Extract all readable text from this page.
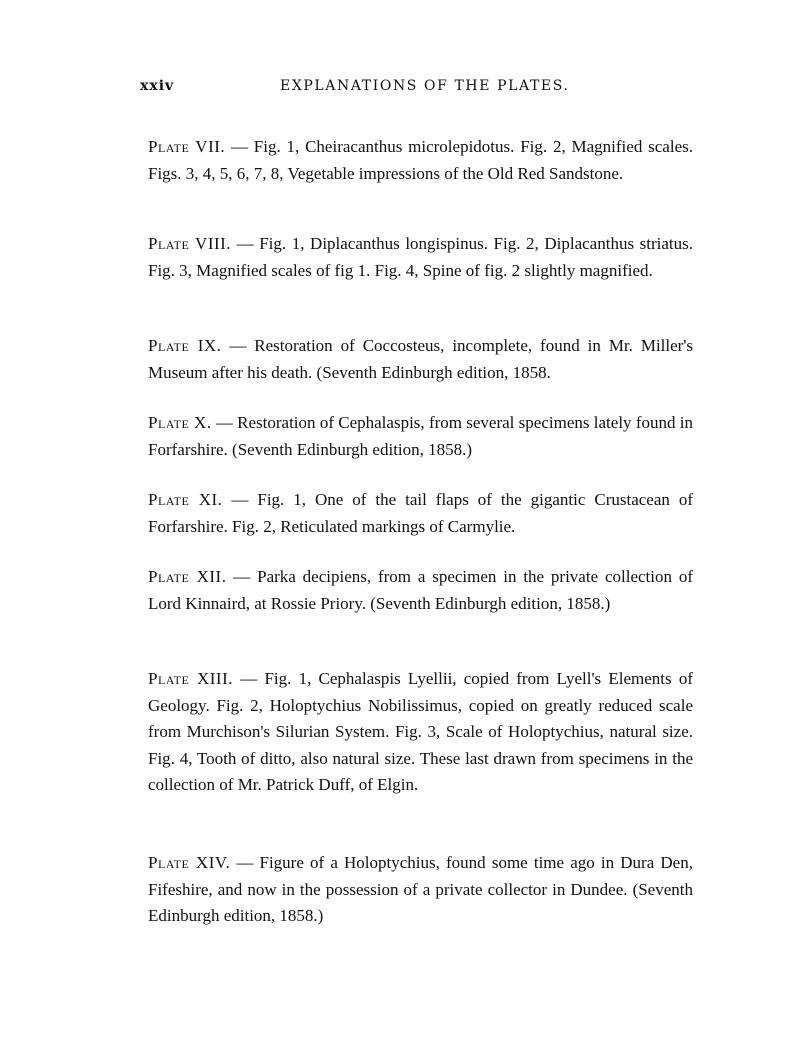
xxiv	EXPLANATIONS OF THE PLATES.

Plate VII. — Fig. 1, Cheiracanthus microlepidotus. Fig. 2, Magnified scales. Figs. 3, 4, 5, 6, 7, 8, Vegetable impressions of the Old Red Sandstone.

Plate VIII. — Fig. 1, Diplacanthus longispinus. Fig. 2, Diplacanthus striatus. Fig. 3, Magnified scales of fig 1. Fig. 4, Spine of fig. 2 slightly magnified.

Plate IX. — Restoration of Coccosteus, incomplete, found in Mr. Miller's Museum after his death. (Seventh Edinburgh edition, 1858.

Plate X. — Restoration of Cephalaspis, from several specimens lately found in Forfarshire. (Seventh Edinburgh edition, 1858.)

Plate XI. — Fig. 1, One of the tail flaps of the gigantic Crustacean of Forfarshire. Fig. 2, Reticulated markings of Carmylie.

Plate XII. — Parka decipiens, from a specimen in the private collection of Lord Kinnaird, at Rossie Priory. (Seventh Edinburgh edition, 1858.)

Plate XIII. — Fig. 1, Cephalaspis Lyellii, copied from Lyell's Elements of Geology. Fig. 2, Holoptychius Nobilissimus, copied on greatly reduced scale from Murchison's Silurian System. Fig. 3, Scale of Holoptychius, natural size. Fig. 4, Tooth of ditto, also natural size. These last drawn from specimens in the collection of Mr. Patrick Duff, of Elgin.

Plate XIV. — Figure of a Holoptychius, found some time ago in Dura Den, Fifeshire, and now in the possession of a private collector in Dundee. (Seventh Edinburgh edition, 1858.)
